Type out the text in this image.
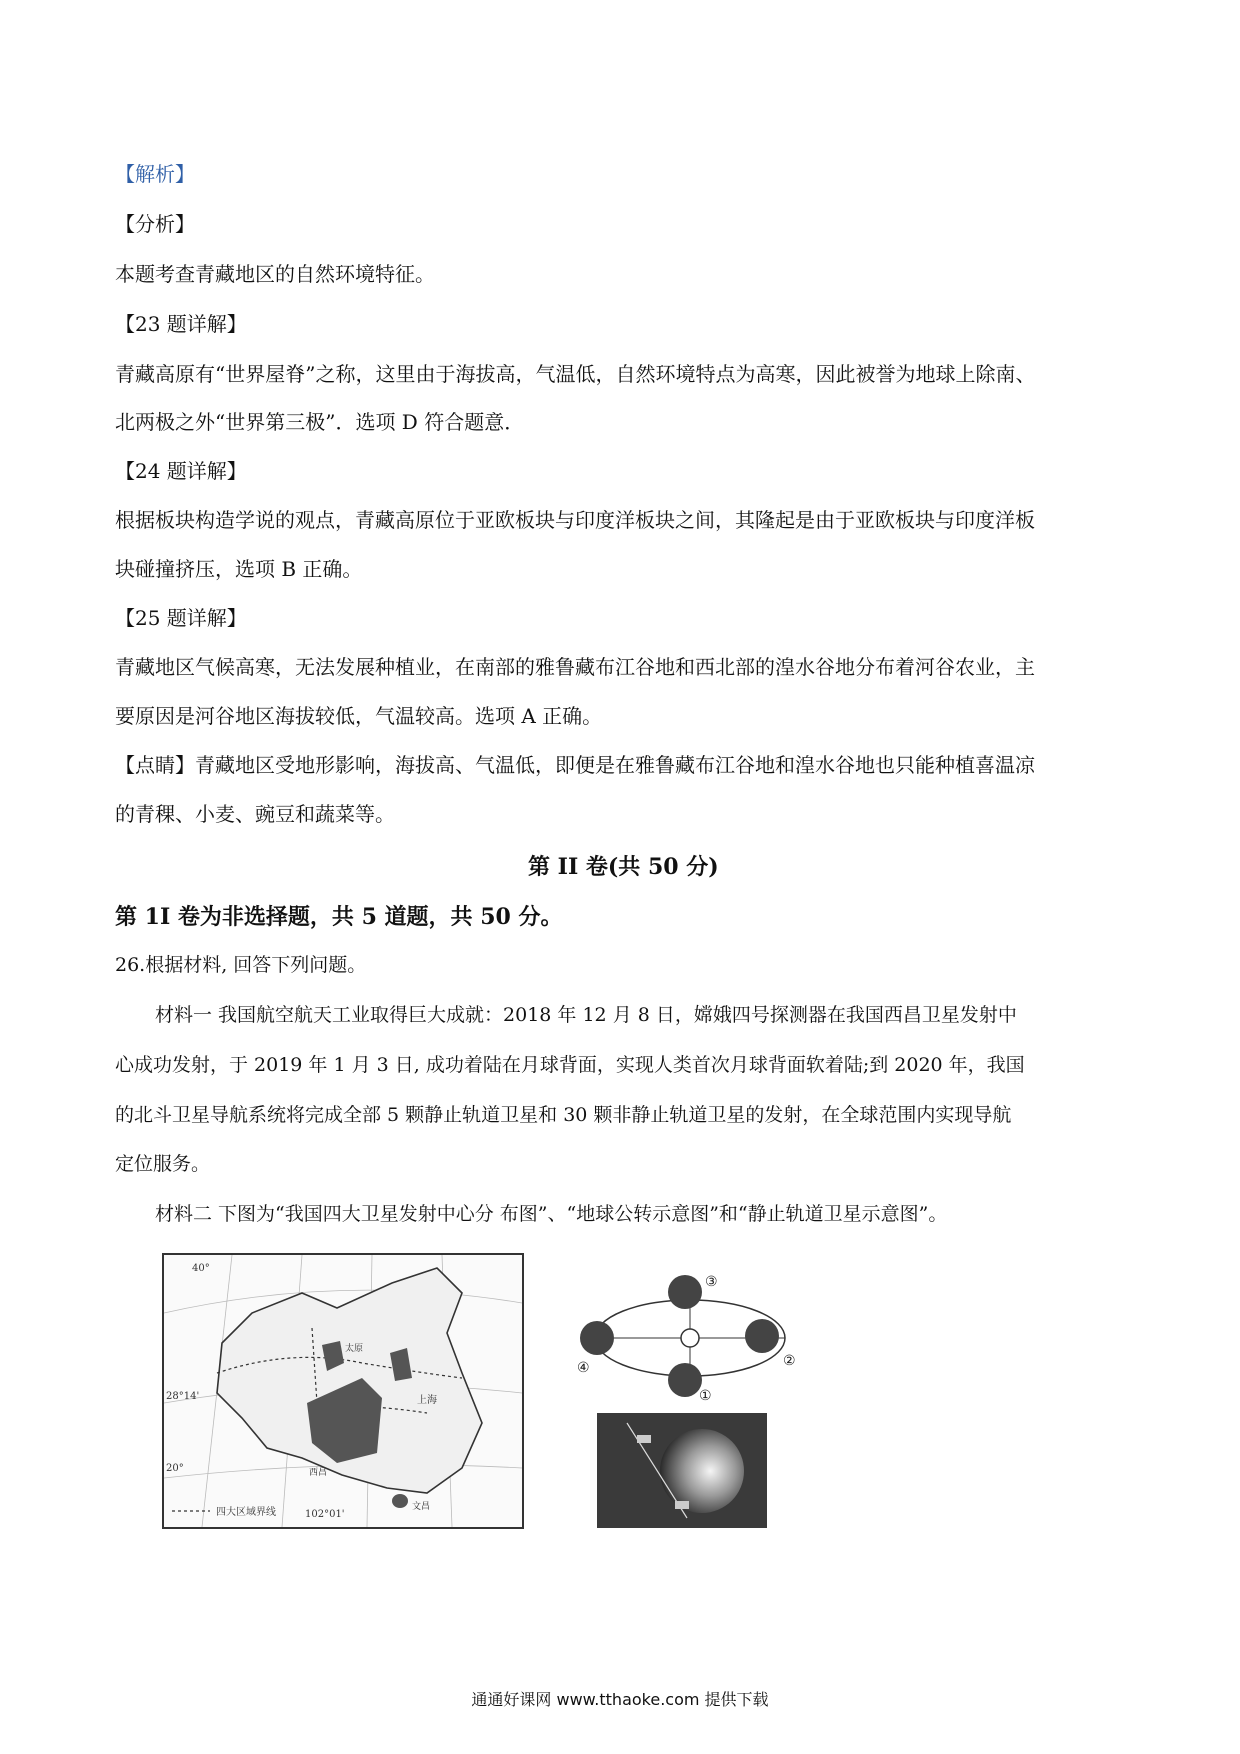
【解析】
【分析】
本题考查青藏地区的自然环境特征。
【23 题详解】
青藏高原有“世界屋脊”之称，这里由于海拔高，气温低，自然环境特点为高寒，因此被誉为地球上除南、
北两极之外“世界第三极”．选项 D 符合题意．
【24 题详解】
根据板块构造学说的观点，青藏高原位于亚欧板块与印度洋板块之间，其隆起是由于亚欧板块与印度洋板
块碰撞挤压，选项 B 正确。
【25 题详解】
青藏地区气候高寒，无法发展种植业，在南部的雅鲁藏布江谷地和西北部的湟水谷地分布着河谷农业，主
要原因是河谷地区海拔较低，气温较高。选项 A 正确。
【点睛】青藏地区受地形影响，海拔高、气温低，即便是在雅鲁藏布江谷地和湟水谷地也只能种植喜温凉
的青稞、小麦、豌豆和蔬菜等。
第 II 卷(共 50 分)
第 1I 卷为非选择题，共 5 道题，共 50 分。
26.根据材料, 回答下列问题。
材料一 我国航空航天工业取得巨大成就：2018 年 12 月 8 日，嫦娥四号探测器在我国西昌卫星发射中
心成功发射，于 2019 年 1 月 3 日, 成功着陆在月球背面，实现人类首次月球背面软着陆;到 2020 年，我国
的北斗卫星导航系统将完成全部 5 颗静止轨道卫星和 30 颗非静止轨道卫星的发射，在全球范围内实现导航
定位服务。
材料二 下图为“我国四大卫星发射中心分 布图”、“地球公转示意图”和“静止轨道卫星示意图”。
40°
28°14'
20°
102°01'
上海
太原
西昌
文昌
四大区域界线
①
②
③
④
通通好课网 www.tthaoke.com 提供下载
